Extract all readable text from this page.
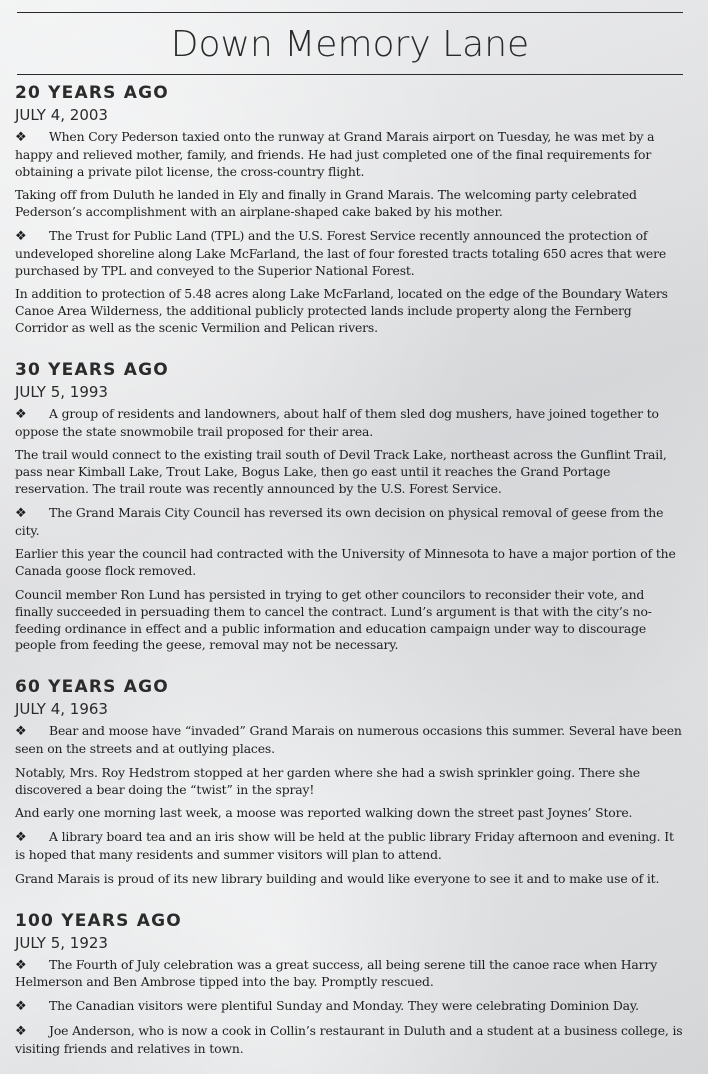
Down Memory Lane
20 YEARS AGO
JULY 4, 2003

❖ When Cory Pederson taxied onto the runway at Grand Marais airport on Tuesday, he was met by a happy and relieved mother, family, and friends. He had just completed one of the final requirements for obtaining a private pilot license, the cross-country flight.

Taking off from Duluth he landed in Ely and finally in Grand Marais. The welcoming party celebrated Pederson’s accomplishment with an airplane-shaped cake baked by his mother.

❖ The Trust for Public Land (TPL) and the U.S. Forest Service recently announced the protection of undeveloped shoreline along Lake McFarland, the last of four forested tracts totaling 650 acres that were purchased by TPL and conveyed to the Superior National Forest.

In addition to protection of 5.48 acres along Lake McFarland, located on the edge of the Boundary Waters Canoe Area Wilderness, the additional publicly protected lands include property along the Fernberg Corridor as well as the scenic Vermilion and Pelican rivers.

30 YEARS AGO
JULY 5, 1993

❖ A group of residents and landowners, about half of them sled dog mushers, have joined together to oppose the state snowmobile trail proposed for their area.

The trail would connect to the existing trail south of Devil Track Lake, northeast across the Gunflint Trail, pass near Kimball Lake, Trout Lake, Bogus Lake, then go east until it reaches the Grand Portage reservation. The trail route was recently announced by the U.S. Forest Service.

❖ The Grand Marais City Council has reversed its own decision on physical removal of geese from the city.

Earlier this year the council had contracted with the University of Minnesota to have a major portion of the Canada goose flock removed.

Council member Ron Lund has persisted in trying to get other councilors to reconsider their vote, and finally succeeded in persuading them to cancel the contract. Lund’s argument is that with the city’s no-feeding ordinance in effect and a public information and education campaign under way to discourage people from feeding the geese, removal may not be necessary.

60 YEARS AGO
JULY 4, 1963

❖ Bear and moose have “invaded” Grand Marais on numerous occasions this summer. Several have been seen on the streets and at outlying places.

Notably, Mrs. Roy Hedstrom stopped at her garden where she had a swish sprinkler going. There she discovered a bear doing the “twist” in the spray!

And early one morning last week, a moose was reported walking down the street past Joynes’ Store.

❖ A library board tea and an iris show will be held at the public library Friday afternoon and evening. It is hoped that many residents and summer visitors will plan to attend.

Grand Marais is proud of its new library building and would like everyone to see it and to make use of it.

100 YEARS AGO
JULY 5, 1923

❖ The Fourth of July celebration was a great success, all being serene till the canoe race when Harry Helmerson and Ben Ambrose tipped into the bay. Promptly rescued.

❖ The Canadian visitors were plentiful Sunday and Monday. They were celebrating Dominion Day.

❖ Joe Anderson, who is now a cook in Collin’s restaurant in Duluth and a student at a business college, is visiting friends and relatives in town.
